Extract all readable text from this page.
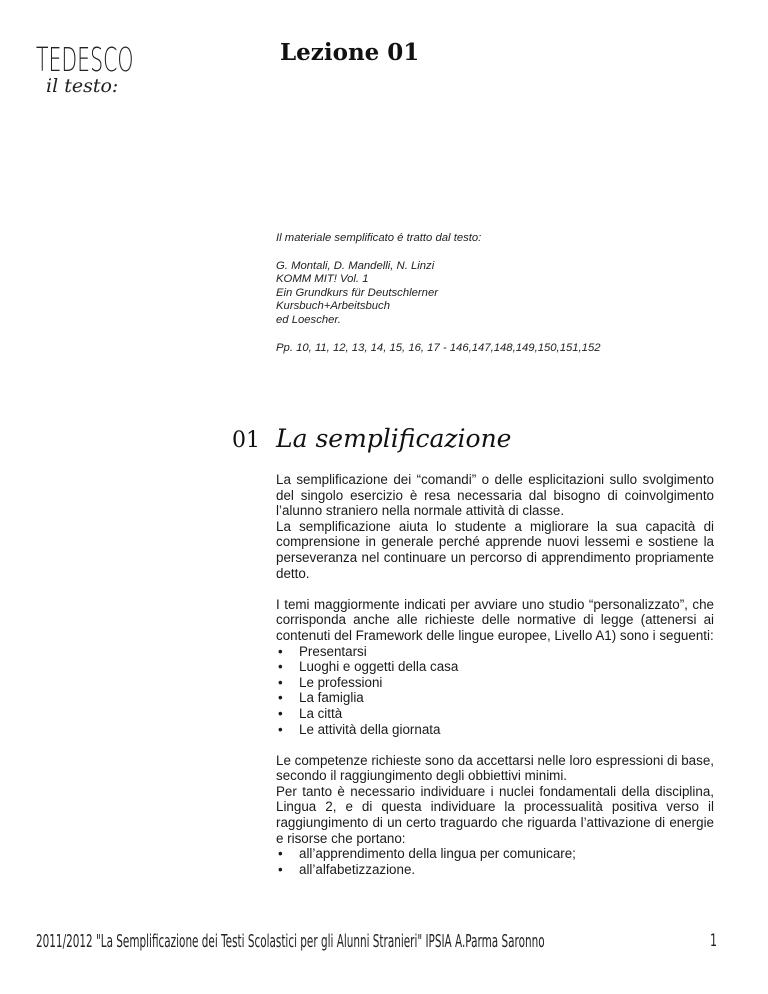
TEDESCO
il testo:
Lezione 01

Il materiale semplificato é tratto dal testo:

G. Montali, D. Mandelli, N. Linzi

KOMM MIT! Vol. 1

Ein Grundkurs für Deutschlerner

Kursbuch+Arbeitsbuch

ed Loescher.

Pp. 10, 11, 12, 13, 14, 15, 16, 17 - 146,147,148,149,150,151,152

01 La semplificazione

La semplificazione dei “comandi” o delle esplicitazioni sullo svolgimento del singolo esercizio è resa necessaria dal bisogno di coinvolgimento l’alunno straniero nella normale attività di classe.

La semplificazione aiuta lo studente a migliorare la sua capacità di comprensione in generale perché apprende nuovi lessemi e sostiene la perseveranza nel continuare un percorso di apprendimento propriamente detto.

I temi maggiormente indicati per avviare uno studio “personalizzato”, che corrisponda anche alle richieste delle normative di legge (attenersi ai contenuti del Framework delle lingue europee, Livello A1) sono i seguenti:

• Presentarsi
• Luoghi e oggetti della casa
• Le professioni
• La famiglia
• La città
• Le attività della giornata

Le competenze richieste sono da accettarsi nelle loro espressioni di base, secondo il raggiungimento degli obbiettivi minimi.

Per tanto è necessario individuare i nuclei fondamentali della disciplina, Lingua 2, e di questa individuare la processualità positiva verso il raggiungimento di un certo traguardo che riguarda l’attivazione di energie e risorse che portano:

• all’apprendimento della lingua per comunicare;
• all’alfabetizzazione.
2011/2012 "La Semplificazione dei Testi Scolastici per gli Alunni Stranieri" IPSIA A.Parma Saronno	1
